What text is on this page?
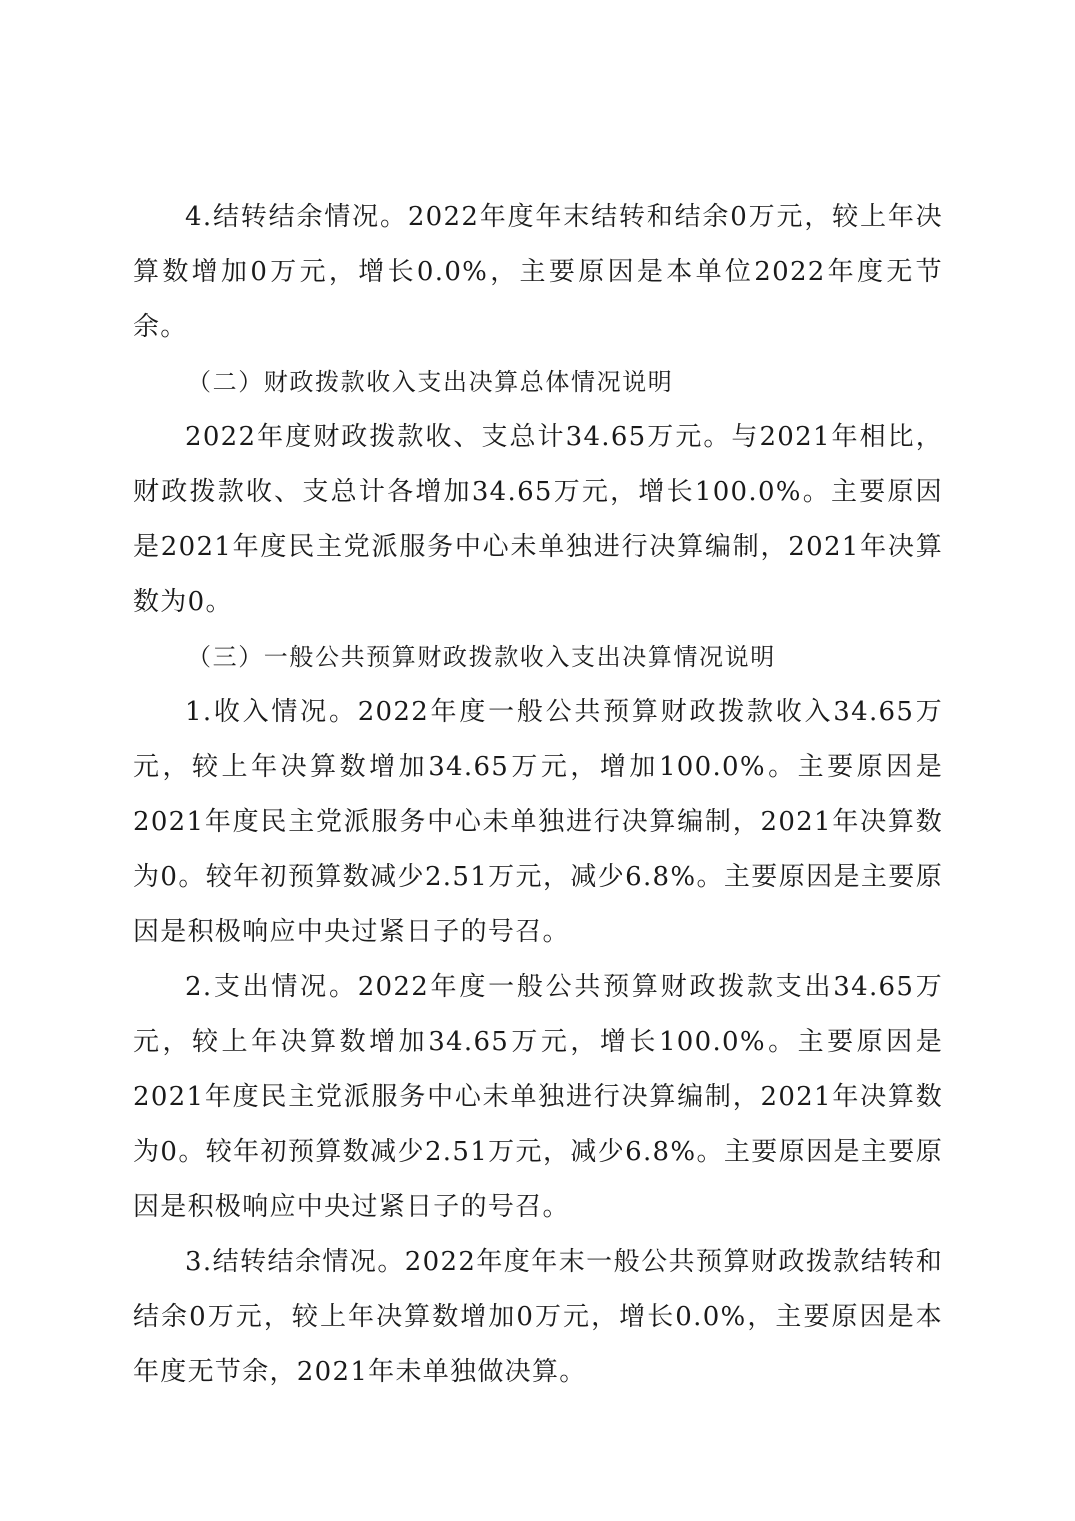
4.结转结余情况。2022年度年末结转和结余0万元，较上年决算数增加0万元，增长0.0%，主要原因是本单位2022年度无节余。

（二）财政拨款收入支出决算总体情况说明

2022年度财政拨款收、支总计34.65万元。与2021年相比，财政拨款收、支总计各增加34.65万元，增长100.0%。主要原因是2021年度民主党派服务中心未单独进行决算编制，2021年决算数为0。

（三）一般公共预算财政拨款收入支出决算情况说明

1.收入情况。2022年度一般公共预算财政拨款收入34.65万元，较上年决算数增加34.65万元，增加100.0%。主要原因是2021年度民主党派服务中心未单独进行决算编制，2021年决算数为0。较年初预算数减少2.51万元，减少6.8%。主要原因是主要原因是积极响应中央过紧日子的号召。

2.支出情况。2022年度一般公共预算财政拨款支出34.65万元，较上年决算数增加34.65万元，增长100.0%。主要原因是2021年度民主党派服务中心未单独进行决算编制，2021年决算数为0。较年初预算数减少2.51万元，减少6.8%。主要原因是主要原因是积极响应中央过紧日子的号召。

3.结转结余情况。2022年度年末一般公共预算财政拨款结转和结余0万元，较上年决算数增加0万元，增长0.0%，主要原因是本年度无节余，2021年未单独做决算。
